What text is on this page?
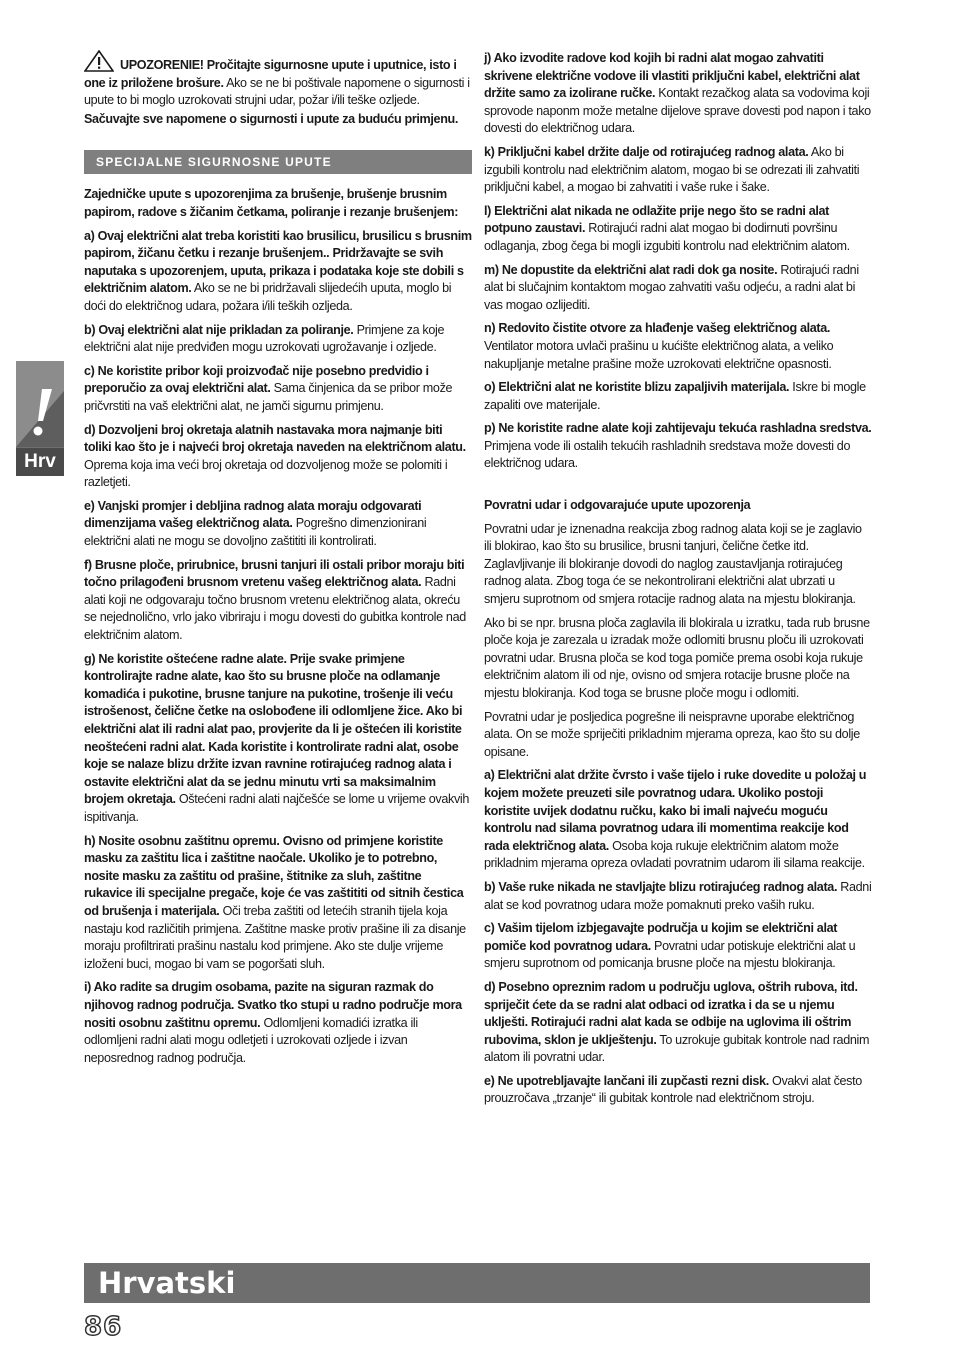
UPOZORENIE! Pročitajte sigurnosne upute i uputnice, isto i one iz priložene brošure. Ako se ne bi poštivale napomene o sigurnosti i upute to bi moglo uzrokovati strujni udar, požar i/ili teške ozljede.

Sačuvajte sve napomene o sigurnosti i upute za buduću primjenu.

SPECIJALNE SIGURNOSNE UPUTE

Zajedničke upute s upozorenjima za brušenje, brušenje brusnim papirom, radove s žičanim četkama, poliranje i rezanje brušenjem:

a) Ovaj električni alat treba koristiti kao brusilicu, brusilicu s brusnim papirom, žičanu četku i rezanje brušenjem.. Pridržavajte se svih naputaka s upozorenjem, uputa, prikaza i podataka koje ste dobili s električnim alatom. Ako se ne bi pridržavali slijedećih uputa, moglo bi doći do električnog udara, požara i/ili teških ozljeda.

b) Ovaj električni alat nije prikladan za poliranje. Primjene za koje električni alat nije predviđen mogu uzrokovati ugrožavanje i ozljede.

c) Ne koristite pribor koji proizvođač nije posebno predvidio i preporučio za ovaj električni alat. Sama činjenica da se pribor može pričvrstiti na vaš električni alat, ne jamči sigurnu primjenu.

d) Dozvoljeni broj okretaja alatnih nastavaka mora najmanje biti toliki kao što je i najveći broj okretaja naveden na električnom alatu. Oprema koja ima veći broj okretaja od dozvoljenog može se polomiti i razletjeti.

e) Vanjski promjer i debljina radnog alata moraju odgovarati dimenzijama vašeg električnog alata. Pogrešno dimenzionirani električni alati ne mogu se dovoljno zaštititi ili kontrolirati.

f) Brusne ploče, prirubnice, brusni tanjuri ili ostali pribor moraju biti točno prilagođeni brusnom vretenu vašeg električnog alata. Radni alati koji ne odgovaraju točno brusnom vretenu električnog alata, okreću se nejednolično, vrlo jako vibriraju i mogu dovesti do gubitka kontrole nad električnim alatom.

g) Ne koristite oštećene radne alate. Prije svake primjene kontrolirajte radne alate, kao što su brusne ploče na odlamanje komadića i pukotine, brusne tanjure na pukotine, trošenje ili veću istrošenost, čelične četke na oslobođene ili odlomljene žice. Ako bi električni alat ili radni alat pao, provjerite da li je oštećen ili koristite neoštećeni radni alat. Kada koristite i kontrolirate radni alat, osobe koje se nalaze blizu držite izvan ravnine rotirajućeg radnog alata i ostavite električni alat da se jednu minutu vrti sa maksimalnim brojem okretaja. Oštećeni radni alati najčešće se lome u vrijeme ovakvih ispitivanja.

h) Nosite osobnu zaštitnu opremu. Ovisno od primjene koristite masku za zaštitu lica i zaštitne naočale. Ukoliko je to potrebno, nosite masku za zaštitu od prašine, štitnike za sluh, zaštitne rukavice ili specijalne pregače, koje će vas zaštititi od sitnih čestica od brušenja i materijala. Oči treba zaštiti od letećih stranih tijela koja nastaju kod različitih primjena. Zaštitne maske protiv prašine ili za disanje moraju profiltrirati prašinu nastalu kod primjene. Ako ste dulje vrijeme izloženi buci, mogao bi vam se pogoršati sluh.

i) Ako radite sa drugim osobama, pazite na siguran razmak do njihovog radnog područja. Svatko tko stupi u radno područje mora nositi osobnu zaštitnu opremu. Odlomljeni komadići izratka ili odlomljeni radni alati mogu odletjeti i uzrokovati ozljede i izvan neposrednog radnog područja.

j) Ako izvodite radove kod kojih bi radni alat mogao zahvatiti skrivene električne vodove ili vlastiti priključni kabel, električni alat držite samo za izolirane ručke. Kontakt rezačkog alata sa vodovima koji sprovode naponm može metalne dijelove sprave dovesti pod napon i tako dovesti do električnog udara.

k) Priključni kabel držite dalje od rotirajućeg radnog alata. Ako bi izgubili kontrolu nad električnim alatom, mogao bi se odrezati ili zahvatiti priključni kabel, a mogao bi zahvatiti i vaše ruke i šake.

l) Električni alat nikada ne odlažite prije nego što se radni alat potpuno zaustavi. Rotirajući radni alat mogao bi dodirnuti površinu odlaganja, zbog čega bi mogli izgubiti kontrolu nad električnim alatom.

m) Ne dopustite da električni alat radi dok ga nosite. Rotirajući radni alat bi slučajnim kontaktom mogao zahvatiti vašu odjeću, a radni alat bi vas mogao ozlijediti.

n) Redovito čistite otvore za hlađenje vašeg električnog alata. Ventilator motora uvlači prašinu u kućište električnog alata, a veliko nakupljanje metalne prašine može uzrokovati električne opasnosti.

o) Električni alat ne koristite blizu zapaljivih materijala. Iskre bi mogle zapaliti ove materijale.

p) Ne koristite radne alate koji zahtijevaju tekuća rashladna sredstva. Primjena vode ili ostalih tekućih rashladnih sredstava može dovesti do električnog udara.

Povratni udar i odgovarajuće upute upozorenja

Povratni udar je iznenadna reakcija zbog radnog alata koji se je zaglavio ili blokirao, kao što su brusilice, brusni tanjuri, čelične četke itd. Zaglavljivanje ili blokiranje dovodi do naglog zaustavljanja rotirajućeg radnog alata. Zbog toga će se nekontrolirani električni alat ubrzati u smjeru suprotnom od smjera rotacije radnog alata na mjestu blokiranja.

Ako bi se npr. brusna ploča zaglavila ili blokirala u izratku, tada rub brusne ploče koja je zarezala u izradak može odlomiti brusnu ploču ili uzrokovati povratni udar. Brusna ploča se kod toga pomiče prema osobi koja rukuje električnim alatom ili od nje, ovisno od smjera rotacije brusne ploče na mjestu blokiranja. Kod toga se brusne ploče mogu i odlomiti.

Povratni udar je posljedica pogrešne ili neispravne uporabe električnog alata. On se može spriječiti prikladnim mjerama opreza, kao što su dolje opisane.

a) Električni alat držite čvrsto i vaše tijelo i ruke dovedite u položaj u kojem možete preuzeti sile povratnog udara. Ukoliko postoji koristite uvijek dodatnu ručku, kako bi imali najveću moguću kontrolu nad silama povratnog udara ili momentima reakcije kod rada električnog alata. Osoba koja rukuje električnim alatom može prikladnim mjerama opreza ovladati povratnim udarom ili silama reakcije.

b) Vaše ruke nikada ne stavljajte blizu rotirajućeg radnog alata. Radni alat se kod povratnog udara može pomaknuti preko vaših ruku.

c) Vašim tijelom izbjegavajte područja u kojim se električni alat pomiče kod povratnog udara. Povratni udar potiskuje električni alat u smjeru suprotnom od pomicanja brusne ploče na mjestu blokiranja.

d) Posebno opreznim radom u području uglova, oštrih rubova, itd. spriječit ćete da se radni alat odbaci od izratka i da se u njemu uklješti. Rotirajući radni alat kada se odbije na uglovima ili oštrim rubovima, sklon je uklještenju. To uzrokuje gubitak kontrole nad radnim alatom ili povratni udar.

e) Ne upotrebljavajte lančani ili zupčasti rezni disk. Ovakvi alat često prouzročava „trzanje“ ili gubitak kontrole nad električnom stroju.

Hrv
Hrvatski
86
